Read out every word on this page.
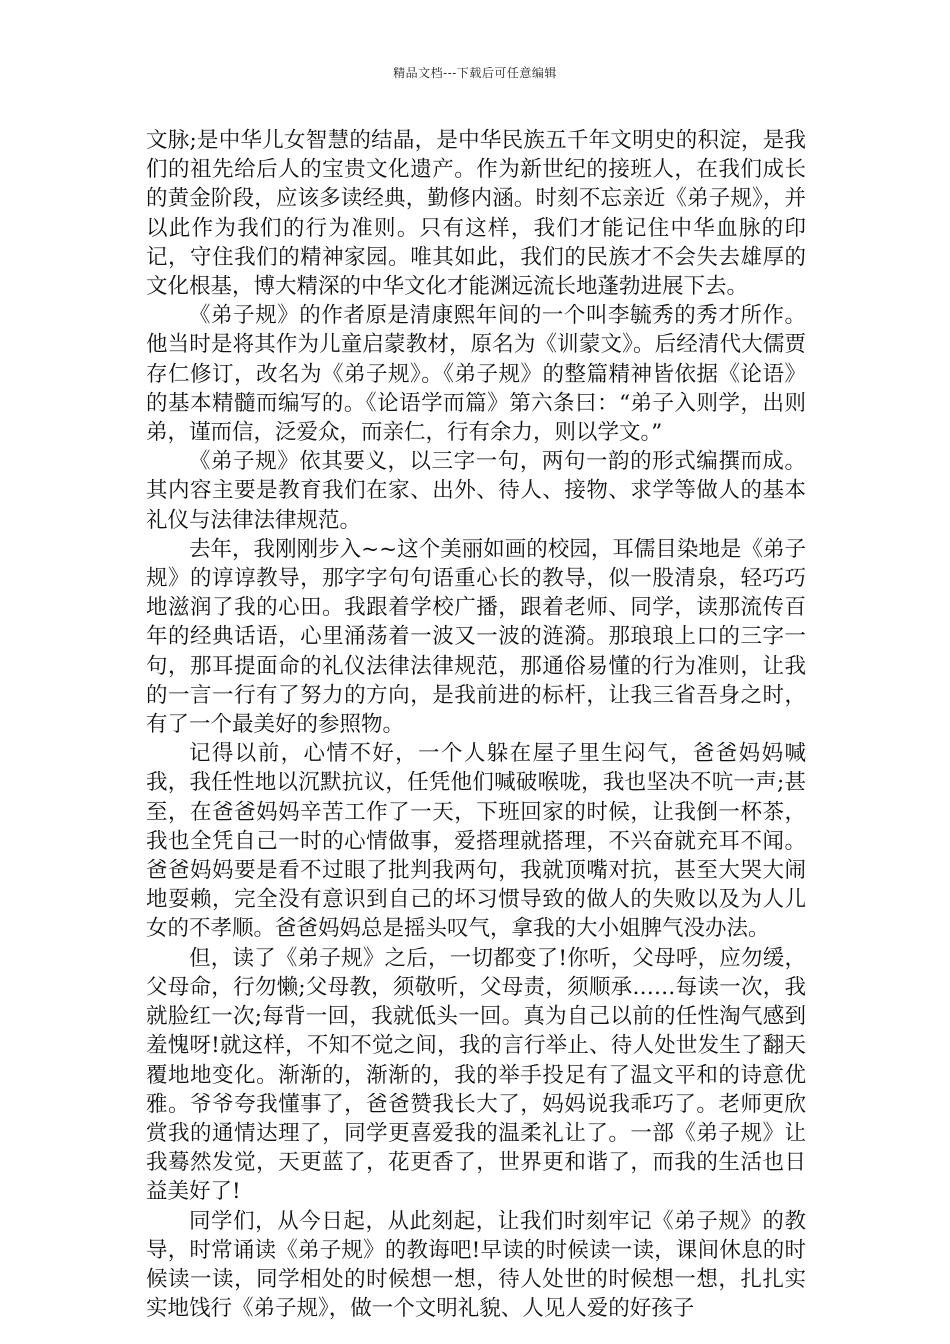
精品文档---下载后可任意编辑

文脉;是中华儿女智慧的结晶，是中华民族五千年文明史的积淀，是我们的祖先给后人的宝贵文化遗产。作为新世纪的接班人，在我们成长的黄金阶段，应该多读经典，勤修内涵。时刻不忘亲近《弟子规》，并以此作为我们的行为准则。只有这样，我们才能记住中华血脉的印记，守住我们的精神家园。唯其如此，我们的民族才不会失去雄厚的文化根基，博大精深的中华文化才能渊远流长地蓬勃进展下去。

《弟子规》的作者原是清康熙年间的一个叫李毓秀的秀才所作。他当时是将其作为儿童启蒙教材，原名为《训蒙文》。后经清代大儒贾存仁修订，改名为《弟子规》。《弟子规》的整篇精神皆依据《论语》的基本精髓而编写的。《论语学而篇》第六条曰：“弟子入则学，出则弟，谨而信，泛爱众，而亲仁，行有余力，则以学文。”

《弟子规》依其要义，以三字一句，两句一韵的形式编撰而成。其内容主要是教育我们在家、出外、待人、接物、求学等做人的基本礼仪与法律法律规范。

去年，我刚刚步入~~这个美丽如画的校园，耳儒目染地是《弟子规》的谆谆教导，那字字句句语重心长的教导，似一股清泉，轻巧巧地滋润了我的心田。我跟着学校广播，跟着老师、同学，读那流传百年的经典话语，心里涌荡着一波又一波的涟漪。那琅琅上口的三字一句，那耳提面命的礼仪法律法律规范，那通俗易懂的行为准则，让我的一言一行有了努力的方向，是我前进的标杆，让我三省吾身之时，有了一个最美好的参照物。

记得以前，心情不好，一个人躲在屋子里生闷气，爸爸妈妈喊我，我任性地以沉默抗议，任凭他们喊破喉咙，我也坚决不吭一声;甚至，在爸爸妈妈辛苦工作了一天，下班回家的时候，让我倒一杯茶，我也全凭自己一时的心情做事，爱搭理就搭理，不兴奋就充耳不闻。爸爸妈妈要是看不过眼了批判我两句，我就顶嘴对抗，甚至大哭大闹地耍赖，完全没有意识到自己的坏习惯导致的做人的失败以及为人儿女的不孝顺。爸爸妈妈总是摇头叹气，拿我的大小姐脾气没办法。

但，读了《弟子规》之后，一切都变了!你听，父母呼，应勿缓，父母命，行勿懒;父母教，须敬听，父母责，须顺承……每读一次，我就脸红一次;每背一回，我就低头一回。真为自己以前的任性淘气感到羞愧呀!就这样，不知不觉之间，我的言行举止、待人处世发生了翻天覆地地变化。渐渐的，渐渐的，我的举手投足有了温文平和的诗意优雅。爷爷夸我懂事了，爸爸赞我长大了，妈妈说我乖巧了。老师更欣赏我的通情达理了，同学更喜爱我的温柔礼让了。一部《弟子规》让我蓦然发觉，天更蓝了，花更香了，世界更和谐了，而我的生活也日益美好了!

同学们，从今日起，从此刻起，让我们时刻牢记《弟子规》的教导，时常诵读《弟子规》的教诲吧!早读的时候读一读，课间休息的时候读一读，同学相处的时候想一想，待人处世的时候想一想，扎扎实实地饯行《弟子规》，做一个文明礼貌、人见人爱的好孩子
